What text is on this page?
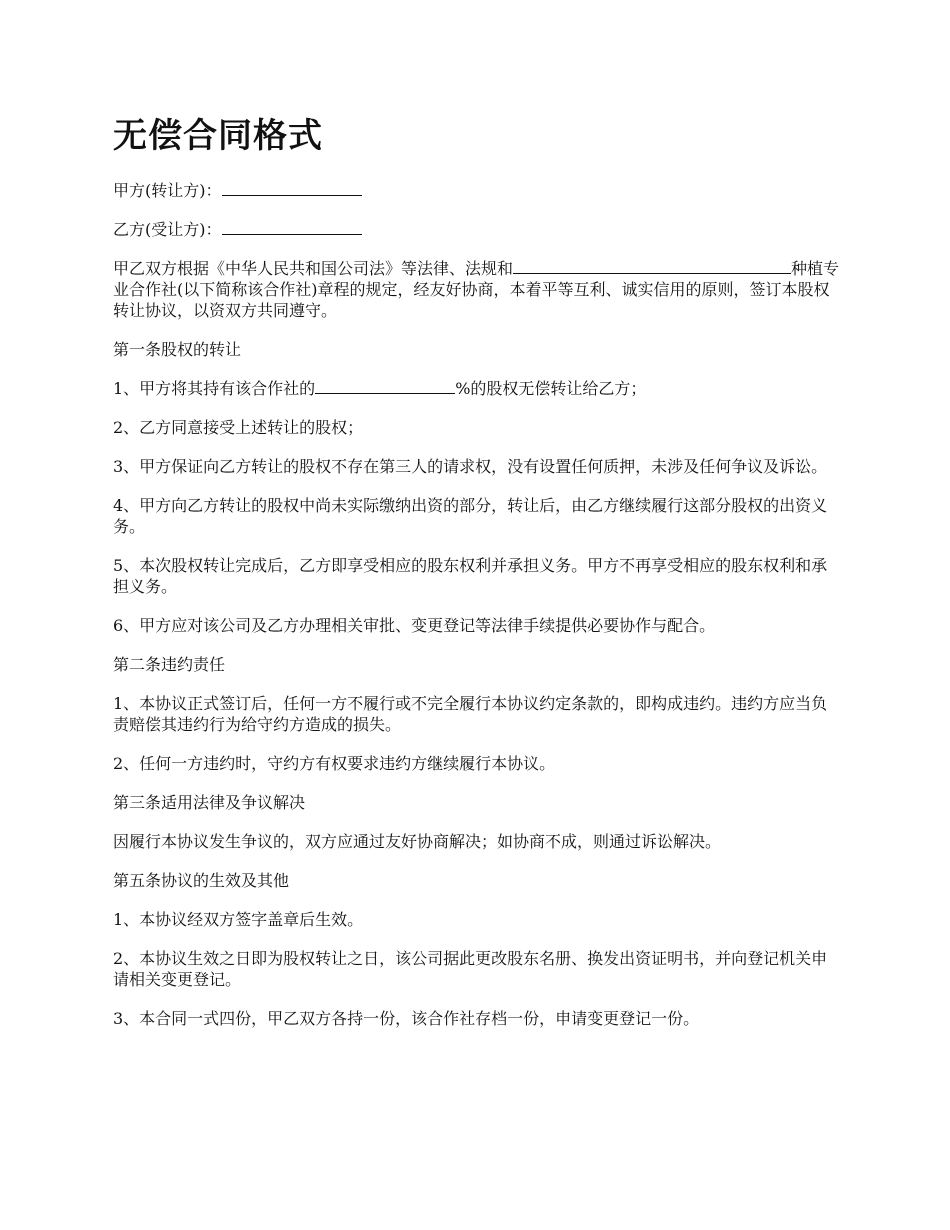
无偿合同格式
甲方(转让方)：
乙方(受让方)：
甲乙双方根据《中华人民共和国公司法》等法律、法规和	种植专业合作社(以下简称该合作社)章程的规定，经友好协商，本着平等互利、诚实信用的原则，签订本股权转让协议，以资双方共同遵守。
第一条股权的转让
1、甲方将其持有该合作社的	%的股权无偿转让给乙方；
2、乙方同意接受上述转让的股权；
3、甲方保证向乙方转让的股权不存在第三人的请求权，没有设置任何质押，未涉及任何争议及诉讼。
4、甲方向乙方转让的股权中尚未实际缴纳出资的部分，转让后，由乙方继续履行这部分股权的出资义务。
5、本次股权转让完成后，乙方即享受相应的股东权利并承担义务。甲方不再享受相应的股东权利和承担义务。
6、甲方应对该公司及乙方办理相关审批、变更登记等法律手续提供必要协作与配合。
第二条违约责任
1、本协议正式签订后，任何一方不履行或不完全履行本协议约定条款的，即构成违约。违约方应当负责赔偿其违约行为给守约方造成的损失。
2、任何一方违约时，守约方有权要求违约方继续履行本协议。
第三条适用法律及争议解决
因履行本协议发生争议的，双方应通过友好协商解决；如协商不成，则通过诉讼解决。
第五条协议的生效及其他
1、本协议经双方签字盖章后生效。
2、本协议生效之日即为股权转让之日，该公司据此更改股东名册、换发出资证明书，并向登记机关申请相关变更登记。
3、本合同一式四份，甲乙双方各持一份，该合作社存档一份，申请变更登记一份。
